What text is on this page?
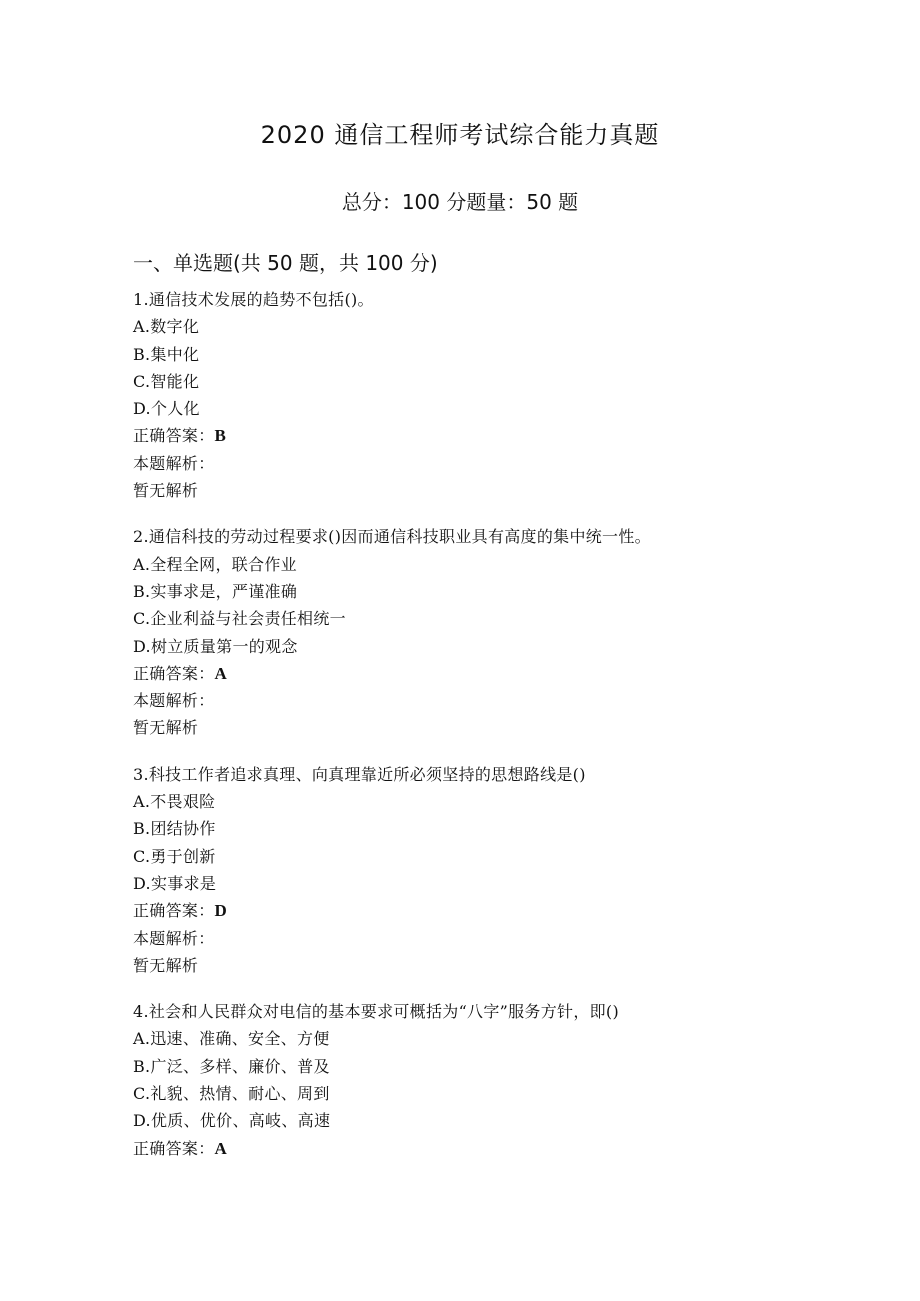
2020 通信工程师考试综合能力真题
总分：100 分题量：50 题
一、单选题(共 50 题，共 100 分)
1.通信技术发展的趋势不包括()。
A.数字化
B.集中化
C.智能化
D.个人化
正确答案：B
本题解析：
暂无解析
2.通信科技的劳动过程要求()因而通信科技职业具有高度的集中统一性。
A.全程全网，联合作业
B.实事求是，严谨准确
C.企业利益与社会责任相统一
D.树立质量第一的观念
正确答案：A
本题解析：
暂无解析
3.科技工作者追求真理、向真理靠近所必须坚持的思想路线是()
A.不畏艰险
B.团结协作
C.勇于创新
D.实事求是
正确答案：D
本题解析：
暂无解析
4.社会和人民群众对电信的基本要求可概括为“八字”服务方针，即()
A.迅速、准确、安全、方便
B.广泛、多样、廉价、普及
C.礼貌、热情、耐心、周到
D.优质、优价、高岐、高速
正确答案：A
